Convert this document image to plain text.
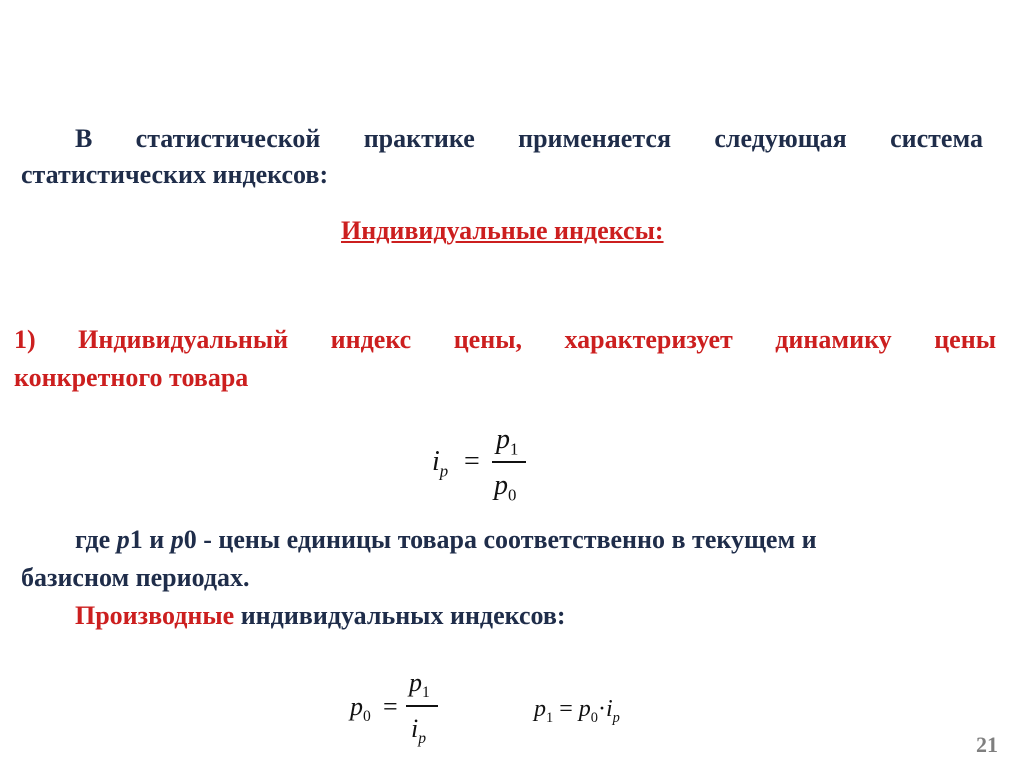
В статистической практике применяется следующая система
статистических индексов:
Индивидуальные индексы:
1) Индивидуальный индекс цены, характеризует динамику цены
конкретного товара
$i_p$ =
$p_1$
$p_0$
где p1 и p0 - цены единицы товара соответственно в текущем и
базисном периодах.
Производные индивидуальных индексов:
$p_0$ =
$p_1$
$i_p$
$p_1 = p_0\cdot i_p$
21
